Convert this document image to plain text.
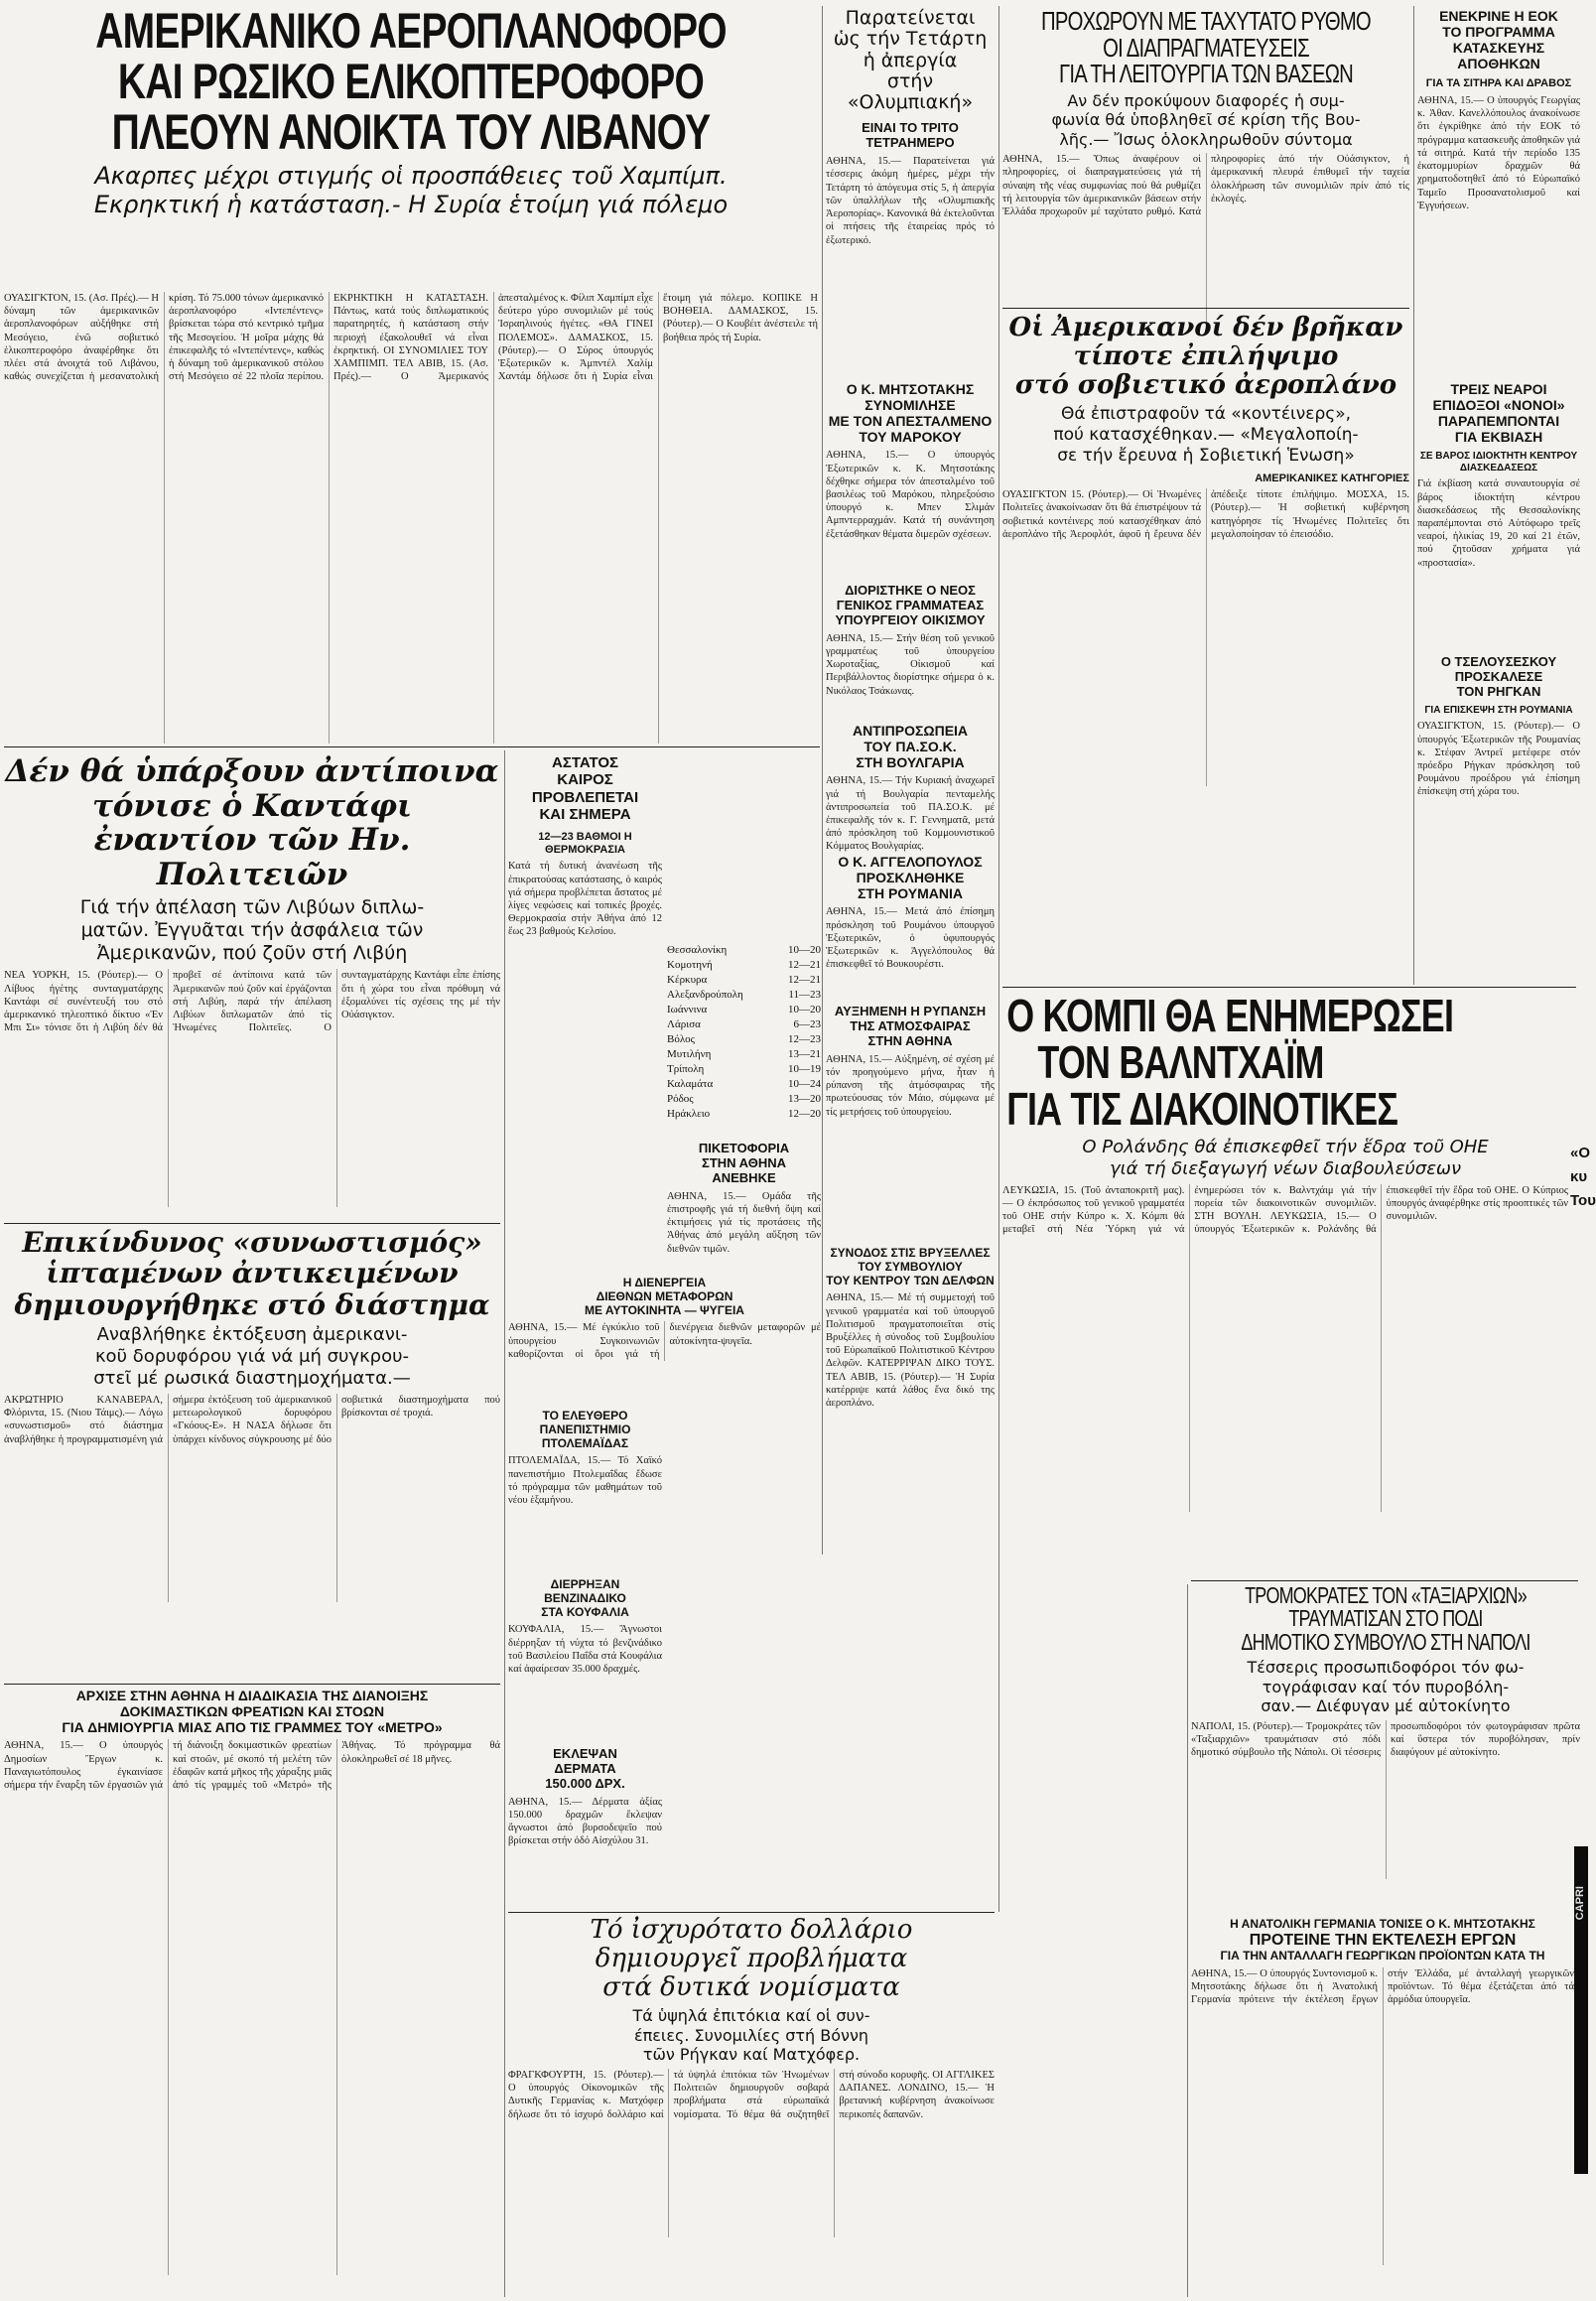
ΑΜΕΡΙΚΑΝΙΚΟ ΑΕΡΟΠΛΑΝΟΦΟΡΟ
ΚΑΙ ΡΩΣΙΚΟ ΕΛΙΚΟΠΤΕΡΟΦΟΡΟ
ΠΛΕΟΥΝ ΑΝΟΙΚΤΑ ΤΟΥ ΛΙΒΑΝΟΥ
Ακαρπες μέχρι στιγμής οἱ προσπάθειες τοῦ Χαμπίμπ.
Εκρηκτική ἡ κατάσταση.- Η Συρία ἑτοίμη γιά πόλεμο
ΟΥΑΣΙΓΚΤΟΝ, 15. (Ασ. Πρές).— Η δύναμη τῶν ἀμερικανικῶν ἀεροπλανοφόρων αὐξήθηκε στή Μεσόγειο, ἐνῶ σοβιετικό ἑλικοπτεροφόρο ἀναφέρθηκε ὅτι πλέει στά ἀνοιχτά τοῦ Λιβάνου, καθώς συνεχίζεται ἡ μεσανατολική κρίση. Τό 75.000 τόνων ἀμερικανικό ἀεροπλανοφόρο «Ιντεπέντενς» βρίσκεται τώρα στό κεντρικό τμῆμα τῆς Μεσογείου. Ἡ μοῖρα μάχης θά ἐπικεφαλῆς τό «Ιντεπέντενς», καθώς ἡ δύναμη τοῦ ἀμερικανικοῦ στόλου στή Μεσόγειο σέ 22 πλοῖα περίπου. ΕΚΡΗΚΤΙΚΗ Η ΚΑΤΑΣΤΑΣΗ. Πάντως, κατά τούς διπλωματικούς παρατηρητές, ἡ κατάσταση στήν περιοχή ἐξακολουθεῖ νά εἶναι ἐκρηκτική. ΟΙ ΣΥΝΟΜΙΛΙΕΣ ΤΟΥ ΧΑΜΠΙΜΠ. ΤΕΛ ΑΒΙΒ, 15. (Ασ. Πρές).— Ο Ἀμερικανός ἀπεσταλμένος κ. Φίλιπ Χαμπίμπ εἶχε δεύτερο γύρο συνομιλιῶν μέ τούς Ἰσραηλινούς ἡγέτες. «ΘΑ ΓΙΝΕΙ ΠΟΛΕΜΟΣ». ΔΑΜΑΣΚΟΣ, 15. (Ρόυτερ).— Ο Σύρος ὑπουργός Ἐξωτερικῶν κ. Ἀμπντέλ Χαλίμ Χαντάμ δήλωσε ὅτι ἡ Συρία εἶναι ἕτοιμη γιά πόλεμο. ΚΟΠΙΚΕ Η ΒΟΗΘΕΙΑ. ΔΑΜΑΣΚΟΣ, 15. (Ρόυτερ).— Ο Κουβέιτ ἀνέστειλε τή βοήθεια πρός τή Συρία.
Παρατείνεται
ὡς τήν Τετάρτη
ἡ ἀπεργία
στήν «Ολυμπιακή»
ΕΙΝΑΙ ΤΟ ΤΡΙΤΟ ΤΕΤΡΑΗΜΕΡΟ
ΑΘΗΝΑ, 15.— Παρατείνεται γιά τέσσερις ἀκόμη ἡμέρες, μέχρι τήν Τετάρτη τό ἀπόγευμα στίς 5, ἡ ἀπεργία τῶν ὑπαλλήλων τῆς «Ολυμπιακῆς Ἀεροπορίας». Κανονικά θά ἐκτελοῦνται οἱ πτήσεις τῆς ἑταιρείας πρός τό ἐξωτερικό.
Ο Κ. ΜΗΤΣΟΤΑΚΗΣ
ΣΥΝΟΜΙΛΗΣΕ
ΜΕ ΤΟΝ ΑΠΕΣΤΑΛΜΕΝΟ
ΤΟΥ ΜΑΡΟΚΟΥ
ΑΘΗΝΑ, 15.— Ο ὑπουργός Ἐξωτερικῶν κ. Κ. Μητσοτάκης δέχθηκε σήμερα τόν ἀπεσταλμένο τοῦ βασιλέως τοῦ Μαρόκου, πληρεξούσιο ὑπουργό κ. Μπεν Σλιμάν Αμπντερραχμάν. Κατά τή συνάντηση ἐξετάσθηκαν θέματα διμερῶν σχέσεων.
ΔΙΟΡΙΣΤΗΚΕ Ο ΝΕΟΣ
ΓΕΝΙΚΟΣ ΓΡΑΜΜΑΤΕΑΣ
ΥΠΟΥΡΓΕΙΟΥ ΟΙΚΙΣΜΟΥ
ΑΘΗΝΑ, 15.— Στήν θέση τοῦ γενικοῦ γραμματέως τοῦ ὑπουργείου Χωροταξίας, Οἰκισμοῦ καί Περιβάλλοντος διορίστηκε σήμερα ὁ κ. Νικόλαος Τσάκωνας.
ΑΝΤΙΠΡΟΣΩΠΕΙΑ
ΤΟΥ ΠΑ.ΣΟ.Κ.
ΣΤΗ ΒΟΥΛΓΑΡΙΑ
ΑΘΗΝΑ, 15.— Τήν Κυριακή ἀναχωρεῖ γιά τή Βουλγαρία πενταμελής ἀντιπροσωπεία τοῦ ΠΑ.ΣΟ.Κ. μέ ἐπικεφαλῆς τόν κ. Γ. Γεννηματᾶ, μετά ἀπό πρόσκληση τοῦ Κομμουνιστικοῦ Κόμματος Βουλγαρίας.
Ο Κ. ΑΓΓΕΛΟΠΟΥΛΟΣ
ΠΡΟΣΚΛΗΘΗΚΕ
ΣΤΗ ΡΟΥΜΑΝΙΑ
ΑΘΗΝΑ, 15.— Μετά ἀπό ἐπίσημη πρόσκληση τοῦ Ρουμάνου ὑπουργοῦ Ἐξωτερικῶν, ὁ ὑφυπουργός Ἐξωτερικῶν κ. Ἀγγελόπουλος θά ἐπισκεφθεῖ τό Βουκουρέστι.
ΑΥΞΗΜΕΝΗ Η ΡΥΠΑΝΣΗ
ΤΗΣ ΑΤΜΟΣΦΑΙΡΑΣ
ΣΤΗΝ ΑΘΗΝΑ
ΑΘΗΝΑ, 15.— Αὐξημένη, σέ σχέση μέ τόν προηγούμενο μήνα, ἦταν ἡ ρύπανση τῆς ἀτμόσφαιρας τῆς πρωτεύουσας τόν Μάιο, σύμφωνα μέ τίς μετρήσεις τοῦ ὑπουργείου.
ΣΥΝΟΔΟΣ ΣΤΙΣ ΒΡΥΞΕΛΛΕΣ
ΤΟΥ ΣΥΜΒΟΥΛΙΟΥ
ΤΟΥ ΚΕΝΤΡΟΥ ΤΩΝ ΔΕΛΦΩΝ
ΑΘΗΝΑ, 15.— Μέ τή συμμετοχή τοῦ γενικοῦ γραμματέα καί τοῦ ὑπουργοῦ Πολιτισμοῦ πραγματοποιεῖται στίς Βρυξέλλες ἡ σύνοδος τοῦ Συμβουλίου τοῦ Εὐρωπαϊκοῦ Πολιτιστικοῦ Κέντρου Δελφῶν. ΚΑΤΕΡΡΙΨΑΝ ΔΙΚΟ ΤΟΥΣ. ΤΕΛ ΑΒΙΒ, 15. (Ρόυτερ).— Ἡ Συρία κατέρριψε κατά λάθος ἕνα δικό της ἀεροπλάνο.
ΠΡΟΧΩΡΟΥΝ ΜΕ ΤΑΧΥΤΑΤΟ ΡΥΘΜΟ
ΟΙ ΔΙΑΠΡΑΓΜΑΤΕΥΣΕΙΣ
ΓΙΑ ΤΗ ΛΕΙΤΟΥΡΓΙΑ ΤΩΝ ΒΑΣΕΩΝ
Αν δέν προκύψουν διαφορές ἡ συμ-
φωνία θά ὑποβληθεῖ σέ κρίση τῆς Βου-
λῆς.— Ἴσως ὁλοκληρωθοῦν σύντομα
ΑΘΗΝΑ, 15.— Ὅπως ἀναφέρουν οἱ πληροφορίες, οἱ διαπραγματεύσεις γιά τή σύναψη τῆς νέας συμφωνίας πού θά ρυθμίζει τή λειτουργία τῶν ἀμερικανικῶν βάσεων στήν Ἑλλάδα προχωροῦν μέ ταχύτατο ρυθμό. Κατά πληροφορίες ἀπό τήν Οὐάσιγκτον, ἡ ἀμερικανική πλευρά ἐπιθυμεῖ τήν ταχεία ὁλοκλήρωση τῶν συνομιλιῶν πρίν ἀπό τίς ἐκλογές.
Οἱ Ἀμερικανοί δέν βρῆκαν
τίποτε ἐπιλήψιμο
στό σοβιετικό ἀεροπλάνο
Θά ἐπιστραφοῦν τά «κοντέινερς»,
πού κατασχέθηκαν.— «Μεγαλοποίη-
σε τήν ἔρευνα ἡ Σοβιετική Ἑνωση»
ΑΜΕΡΙΚΑΝΙΚΕΣ ΚΑΤΗΓΟΡΙΕΣ
ΟΥΑΣΙΓΚΤΟΝ 15. (Ρόυτερ).— Οἱ Ἡνωμένες Πολιτεῖες ἀνακοίνωσαν ὅτι θά ἐπιστρέψουν τά σοβιετικά κοντέινερς πού κατασχέθηκαν ἀπό ἀεροπλάνο τῆς Ἀεροφλότ, ἀφοῦ ἡ ἔρευνα δέν ἀπέδειξε τίποτε ἐπιλήψιμο. ΜΟΣΧΑ, 15. (Ρόυτερ).— Ἡ σοβιετική κυβέρνηση κατηγόρησε τίς Ἡνωμένες Πολιτεῖες ὅτι μεγαλοποίησαν τό ἐπεισόδιο.
ΕΝΕΚΡΙΝΕ Η ΕΟΚ
ΤΟ ΠΡΟΓΡΑΜΜΑ
ΚΑΤΑΣΚΕΥΗΣ
ΑΠΟΘΗΚΩΝ
ΓΙΑ ΤΑ ΣΙΤΗΡΑ ΚΑΙ ΔΡΑΒΟΣ
ΑΘΗΝΑ, 15.— Ο ὑπουργός Γεωργίας κ. Ἀθαν. Κανελλόπουλος ἀνακοίνωσε ὅτι ἐγκρίθηκε ἀπό τήν ΕΟΚ τό πρόγραμμα κατασκευῆς ἀποθηκῶν γιά τά σιτηρά. Κατά τήν περίοδο 135 ἐκατομμυρίων δραχμῶν θά χρηματοδοτηθεῖ ἀπό τό Εὐρωπαϊκό Ταμεῖο Προσανατολισμοῦ καί Ἐγγυήσεων.
ΤΡΕΙΣ ΝΕΑΡΟΙ
ΕΠΙΔΟΞΟΙ «ΝΟΝΟΙ»
ΠΑΡΑΠΕΜΠΟΝΤΑΙ
ΓΙΑ ΕΚΒΙΑΣΗ
ΣΕ ΒΑΡΟΣ ΙΔΙΟΚΤΗΤΗ ΚΕΝΤΡΟΥ ΔΙΑΣΚΕΔΑΣΕΩΣ
Γιά ἐκβίαση κατά συναυτουργία σέ βάρος ἰδιοκτήτη κέντρου διασκεδάσεως τῆς Θεσσαλονίκης παραπέμπονται στό Αὐτόφωρο τρεῖς νεαροί, ἡλικίας 19, 20 καί 21 ἐτῶν, πού ζητοῦσαν χρήματα γιά «προστασία».
Ο ΤΣΕΛΟΥΣΕΣΚΟΥ
ΠΡΟΣΚΑΛΕΣΕ
ΤΟΝ ΡΗΓΚΑΝ
ΓΙΑ ΕΠΙΣΚΕΨΗ ΣΤΗ ΡΟΥΜΑΝΙΑ
ΟΥΑΣΙΓΚΤΟΝ, 15. (Ρόυτερ).— Ο ὑπουργός Ἐξωτερικῶν τῆς Ρουμανίας κ. Στέφαν Άντρεϊ μετέφερε στόν πρόεδρο Ρήγκαν πρόσκληση τοῦ Ρουμάνου προέδρου γιά ἐπίσημη ἐπίσκεψη στή χώρα του.
Δέν θά ὑπάρξουν ἀντίποινα
τόνισε ὁ Καντάφι
ἐναντίον τῶν Ην. Πολιτειῶν
Γιά τήν ἀπέλαση τῶν Λιβύων διπλω-
ματῶν. Ἐγγυᾶται τήν ἀσφάλεια τῶν
Ἀμερικανῶν, πού ζοῦν στή Λιβύη
ΝΕΑ ΥΟΡΚΗ, 15. (Ρόυτερ).— Ο Λίβυος ἡγέτης συνταγματάρχης Καντάφι σέ συνέντευξή του στό ἀμερικανικό τηλεοπτικό δίκτυο «Ἐν Μπι Σι» τόνισε ὅτι ἡ Λιβύη δέν θά προβεῖ σέ ἀντίποινα κατά τῶν Ἀμερικανῶν πού ζοῦν καί ἐργάζονται στή Λιβύη, παρά τήν ἀπέλαση Λιβύων διπλωματῶν ἀπό τίς Ἡνωμένες Πολιτεῖες. Ο συνταγματάρχης Καντάφι εἶπε ἐπίσης ὅτι ἡ χώρα του εἶναι πρόθυμη νά ἐξομαλύνει τίς σχέσεις της μέ τήν Οὐάσιγκτον.
ΑΣΤΑΤΟΣ
ΚΑΙΡΟΣ
ΠΡΟΒΛΕΠΕΤΑΙ
ΚΑΙ ΣΗΜΕΡΑ
12—23 ΒΑΘΜΟΙ Η ΘΕΡΜΟΚΡΑΣΙΑ
Κατά τή δυτική ἀνανέωση τῆς ἐπικρατούσας κατάστασης, ὁ καιρός γιά σήμερα προβλέπεται ἄστατος μέ λίγες νεφώσεις καί τοπικές βροχές. Θερμοκρασία στήν Ἀθήνα ἀπό 12 ἕως 23 βαθμούς Κελσίου.
Θεσσαλονίκη	10—20
Κομοτηνή	12—21
Κέρκυρα	12—21
Αλεξανδρούπολη	11—23
Ιωάννινα	10—20
Λάρισα	6—23
Βόλος	12—23
Μυτιλήνη	13—21
Τρίπολη	10—19
Καλαμάτα	10—24
Ρόδος	13—20
Ηράκλειο	12—20
ΠΙΚΕΤΟΦΟΡΙΑ
ΣΤΗΝ ΑΘΗΝΑ
ΑΝΕΒΗΚΕ
ΑΘΗΝΑ, 15.— Ομάδα τῆς ἐπιστροφῆς γιά τή διεθνή ὄψη καί ἐκτιμήσεις γιά τίς προτάσεις τῆς Ἀθήνας ἀπό μεγάλη αὔξηση τῶν διεθνῶν τιμῶν.
Επικίνδυνος «συνωστισμός»
ἱπταμένων ἀντικειμένων
δημιουργήθηκε στό διάστημα
Αναβλήθηκε ἐκτόξευση ἀμερικανι-
κοῦ δορυφόρου γιά νά μή συγκρου-
στεῖ μέ ρωσικά διαστημοχήματα.—
ΑΚΡΩΤΗΡΙΟ ΚΑΝΑΒΕΡΑΛ, Φλόριντα, 15. (Νιου Τάιμς).— Λόγω «συνωστισμοῦ» στό διάστημα ἀναβλήθηκε ἡ προγραμματισμένη γιά σήμερα ἐκτόξευση τοῦ ἀμερικανικοῦ μετεωρολογικοῦ δορυφόρου «Γκόους-Ε». Η ΝΑΣΑ δήλωσε ὅτι ὑπάρχει κίνδυνος σύγκρουσης μέ δύο σοβιετικά διαστημοχήματα πού βρίσκονται σέ τροχιά.
Η ΔΙΕΝΕΡΓΕΙΑ
ΔΙΕΘΝΩΝ ΜΕΤΑΦΟΡΩΝ
ΜΕ ΑΥΤΟΚΙΝΗΤΑ — ΨΥΓΕΙΑ
ΑΘΗΝΑ, 15.— Μέ ἐγκύκλιο τοῦ ὑπουργείου Συγκοινωνιῶν καθορίζονται οἱ ὅροι γιά τή διενέργεια διεθνῶν μεταφορῶν μέ αὐτοκίνητα-ψυγεῖα.
ΤΟ ΕΛΕΥΘΕΡΟ
ΠΑΝΕΠΙΣΤΗΜΙΟ
ΠΤΟΛΕΜΑΪΔΑΣ
ΠΤΟΛΕΜΑΪΔΑ, 15.— Τό Χαϊκό πανεπιστήμιο Πτολεμαΐδας ἔδωσε τό πρόγραμμα τῶν μαθημάτων τοῦ νέου ἑξαμήνου.
ΔΙΕΡΡΗΞΑΝ
ΒΕΝΖΙΝΑΔΙΚΟ
ΣΤΑ ΚΟΥΦΑΛΙΑ
ΚΟΥΦΑΛΙΑ, 15.— Ἄγνωστοι διέρρηξαν τή νύχτα τό βενζινάδικο τοῦ Βασιλείου Παΐδα στά Κουφάλια καί ἀφαίρεσαν 35.000 δραχμές.
ΕΚΛΕΨΑΝ
ΔΕΡΜΑΤΑ
150.000 ΔΡΧ.
ΑΘΗΝΑ, 15.— Δέρματα ἀξίας 150.000 δραχμῶν ἔκλεψαν ἄγνωστοι ἀπό βυρσοδεψεῖο πού βρίσκεται στήν ὁδό Αἰσχύλου 31.
ΑΡΧΙΣΕ ΣΤΗΝ ΑΘΗΝΑ Η ΔΙΑΔΙΚΑΣΙΑ ΤΗΣ ΔΙΑΝΟΙΞΗΣ
ΔΟΚΙΜΑΣΤΙΚΩΝ ΦΡΕΑΤΙΩΝ ΚΑΙ ΣΤΟΩΝ
ΓΙΑ ΔΗΜΙΟΥΡΓΙΑ ΜΙΑΣ ΑΠΟ ΤΙΣ ΓΡΑΜΜΕΣ ΤΟΥ «ΜΕΤΡΟ»
ΑΘΗΝΑ, 15.— Ο ὑπουργός Δημοσίων Ἔργων κ. Παναγιωτόπουλος ἐγκαινίασε σήμερα τήν ἔναρξη τῶν ἐργασιῶν γιά τή διάνοιξη δοκιμαστικῶν φρεατίων καί στοῶν, μέ σκοπό τή μελέτη τῶν ἐδαφῶν κατά μῆκος τῆς χάραξης μιᾶς ἀπό τίς γραμμές τοῦ «Μετρό» τῆς Ἀθήνας. Τό πρόγραμμα θά ὁλοκληρωθεῖ σέ 18 μῆνες.
Ο ΚΟΜΠΙ ΘΑ ΕΝΗΜΕΡΩΣΕΙ
ΤΟΝ ΒΑΛΝΤΧΑΪΜ
ΓΙΑ ΤΙΣ ΔΙΑΚΟΙΝΟΤΙΚΕΣ
Ο Ρολάνδης θά ἐπισκεφθεῖ τήν ἕδρα τοῦ ΟΗΕ
γιά τή διεξαγωγή νέων διαβουλεύσεων
ΛΕΥΚΩΣΙΑ, 15. (Τοῦ ἀνταποκριτῆ μας).— Ο ἐκπρόσωπος τοῦ γενικοῦ γραμματέα τοῦ ΟΗΕ στήν Κύπρο κ. Χ. Κόμπι θά μεταβεῖ στή Νέα Ὑόρκη γιά νά ἐνημερώσει τόν κ. Βαλντχάιμ γιά τήν πορεία τῶν διακοινοτικῶν συνομιλιῶν. ΣΤΗ ΒΟΥΛΗ. ΛΕΥΚΩΣΙΑ, 15.— Ο ὑπουργός Ἐξωτερικῶν κ. Ρολάνδης θά ἐπισκεφθεῖ τήν ἕδρα τοῦ ΟΗΕ. Ο Κύπριος ὑπουργός ἀναφέρθηκε στίς προοπτικές τῶν συνομιλιῶν.
«Ο
κυ
Του
Τό ἰσχυρότατο δολλάριο
δημιουργεῖ προβλήματα
στά δυτικά νομίσματα
Τά ὑψηλά ἐπιτόκια καί οἱ συν-
έπειες. Συνομιλίες στή Βόννη
τῶν Ρήγκαν καί Ματχόφερ.
ΦΡΑΓΚΦΟΥΡΤΗ, 15. (Ρόυτερ).— Ο ὑπουργός Οἰκονομικῶν τῆς Δυτικῆς Γερμανίας κ. Ματχόφερ δήλωσε ὅτι τό ἰσχυρό δολλάριο καί τά ὑψηλά ἐπιτόκια τῶν Ἡνωμένων Πολιτειῶν δημιουργοῦν σοβαρά προβλήματα στά εὐρωπαϊκά νομίσματα. Τό θέμα θά συζητηθεῖ στή σύνοδο κορυφῆς. ΟΙ ΑΓΓΛΙΚΕΣ ΔΑΠΑΝΕΣ. ΛΟΝΔΙΝΟ, 15.— Ἡ βρετανική κυβέρνηση ἀνακοίνωσε περικοπές δαπανῶν.
ΤΡΟΜΟΚΡΑΤΕΣ ΤΟΝ «ΤΑΞΙΑΡΧΙΩΝ»
ΤΡΑΥΜΑΤΙΣΑΝ ΣΤΟ ΠΟΔΙ
ΔΗΜΟΤΙΚΟ ΣΥΜΒΟΥΛΟ ΣΤΗ ΝΑΠΟΛΙ
Τέσσερις προσωπιδοφόροι τόν φω-
τογράφισαν καί τόν πυροβόλη-
σαν.— Διέφυγαν μέ αὐτοκίνητο
ΝΑΠΟΛΙ, 15. (Ρόυτερ).— Τρομοκράτες τῶν «Ταξιαρχιῶν» τραυμάτισαν στό πόδι δημοτικό σύμβουλο τῆς Νάπολι. Οἱ τέσσερις προσωπιδοφόροι τόν φωτογράφισαν πρῶτα καί ὕστερα τόν πυροβόλησαν, πρίν διαφύγουν μέ αὐτοκίνητο.
Η ΑΝΑΤΟΛΙΚΗ ΓΕΡΜΑΝΙΑ ΤΟΝΙΣΕ Ο Κ. ΜΗΤΣΟΤΑΚΗΣ
ΠΡΟΤΕΙΝΕ ΤΗΝ ΕΚΤΕΛΕΣΗ ΕΡΓΩΝ
ΓΙΑ ΤΗΝ ΑΝΤΑΛΛΑΓΗ ΓΕΩΡΓΙΚΩΝ ΠΡΟΪΟΝΤΩΝ ΚΑΤΑ ΤΗ
ΑΘΗΝΑ, 15.— Ο ὑπουργός Συντονισμοῦ κ. Μητσοτάκης δήλωσε ὅτι ἡ Ἀνατολική Γερμανία πρότεινε τήν ἐκτέλεση ἔργων στήν Ἑλλάδα, μέ ἀνταλλαγή γεωργικῶν προϊόντων. Τό θέμα ἐξετάζεται ἀπό τά ἁρμόδια ὑπουργεῖα.
CAPRI
